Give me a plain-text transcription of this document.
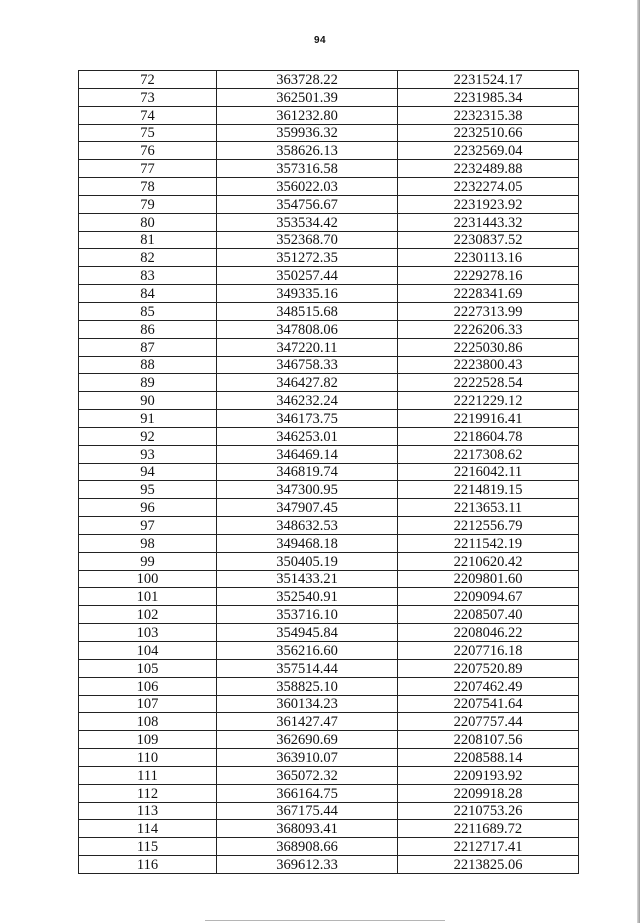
94
72	363728.22	2231524.17
73	362501.39	2231985.34
74	361232.80	2232315.38
75	359936.32	2232510.66
76	358626.13	2232569.04
77	357316.58	2232489.88
78	356022.03	2232274.05
79	354756.67	2231923.92
80	353534.42	2231443.32
81	352368.70	2230837.52
82	351272.35	2230113.16
83	350257.44	2229278.16
84	349335.16	2228341.69
85	348515.68	2227313.99
86	347808.06	2226206.33
87	347220.11	2225030.86
88	346758.33	2223800.43
89	346427.82	2222528.54
90	346232.24	2221229.12
91	346173.75	2219916.41
92	346253.01	2218604.78
93	346469.14	2217308.62
94	346819.74	2216042.11
95	347300.95	2214819.15
96	347907.45	2213653.11
97	348632.53	2212556.79
98	349468.18	2211542.19
99	350405.19	2210620.42
100	351433.21	2209801.60
101	352540.91	2209094.67
102	353716.10	2208507.40
103	354945.84	2208046.22
104	356216.60	2207716.18
105	357514.44	2207520.89
106	358825.10	2207462.49
107	360134.23	2207541.64
108	361427.47	2207757.44
109	362690.69	2208107.56
110	363910.07	2208588.14
111	365072.32	2209193.92
112	366164.75	2209918.28
113	367175.44	2210753.26
114	368093.41	2211689.72
115	368908.66	2212717.41
116	369612.33	2213825.06
